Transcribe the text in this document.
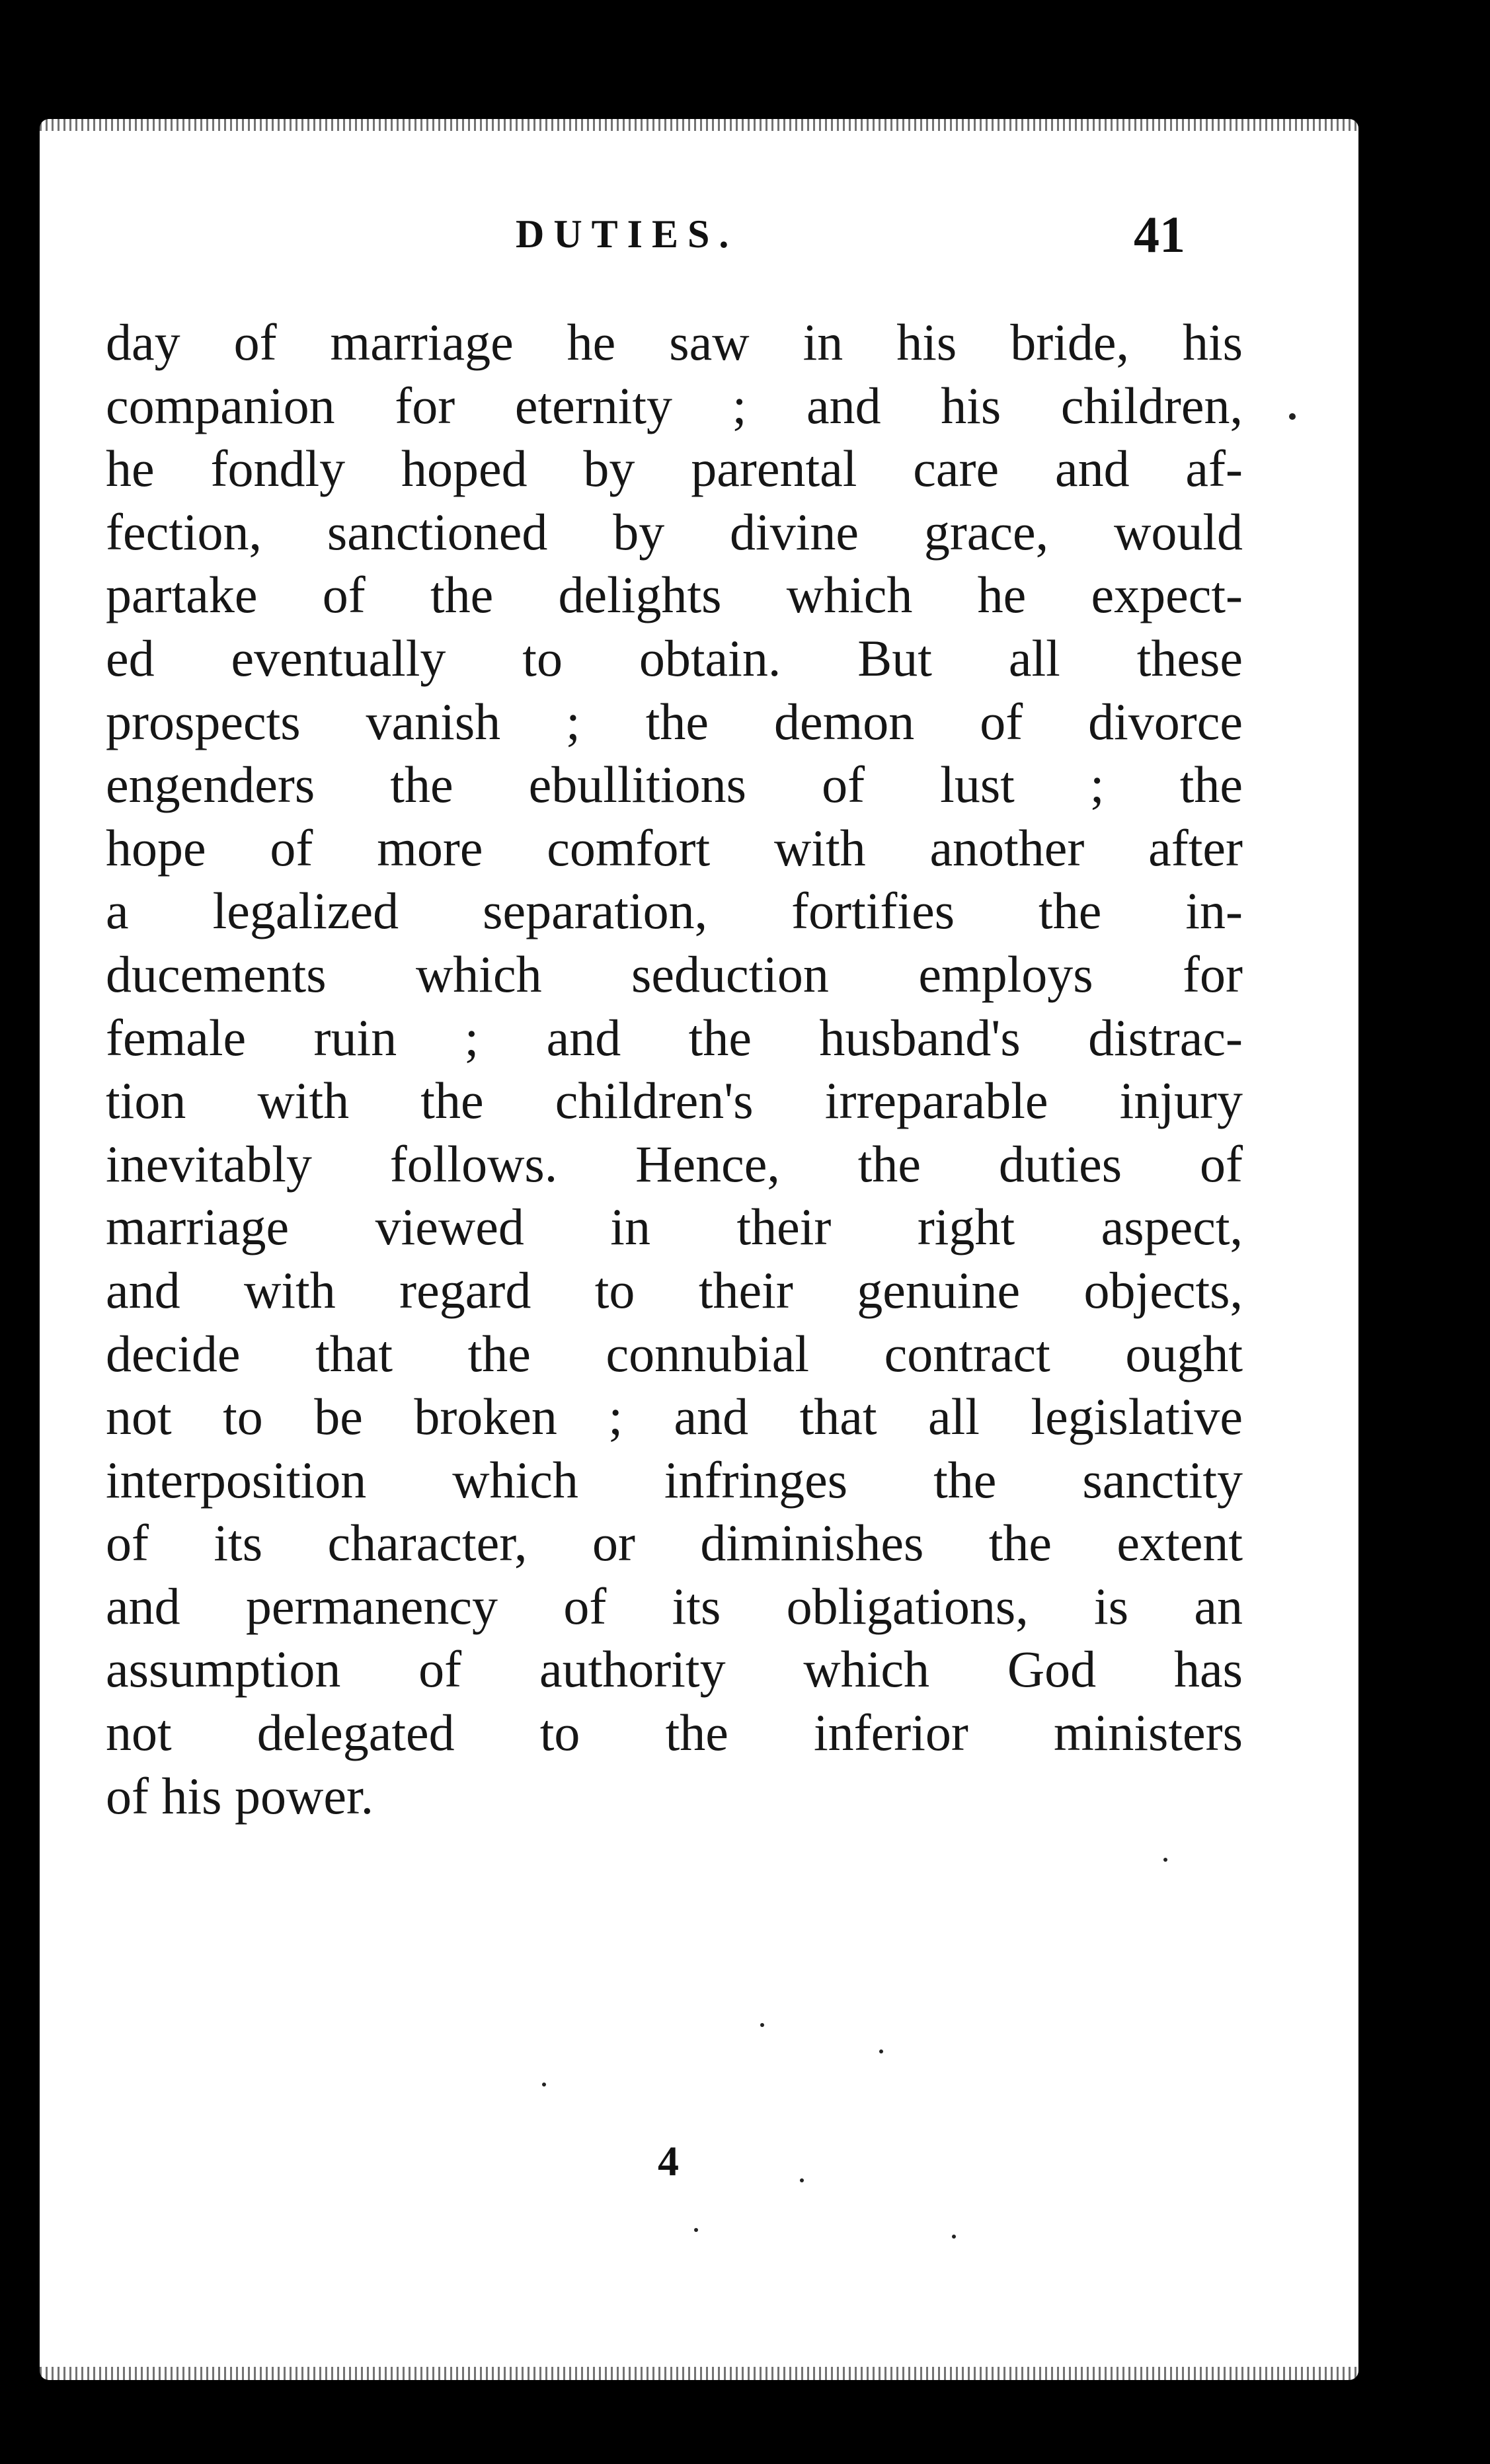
DUTIES.	41
day of marriage he saw in his bride, his
companion for eternity ; and his children,
he fondly hoped by parental care and af-
fection, sanctioned by divine grace, would
partake of the delights which he expect-
ed eventually to obtain. But all these
prospects vanish ; the demon of divorce
engenders the ebullitions of lust ; the
hope of more comfort with another after
a legalized separation, fortifies the in-
ducements which seduction employs for
female ruin ; and the husband's distrac-
tion with the children's irreparable injury
inevitably follows. Hence, the duties of
marriage viewed in their right aspect,
and with regard to their genuine objects,
decide that the connubial contract ought
not to be broken ; and that all legislative
interposition which infringes the sanctity
of its character, or diminishes the extent
and permanency of its obligations, is an
assumption of authority which God has
not delegated to the inferior ministers
of his power.
4
